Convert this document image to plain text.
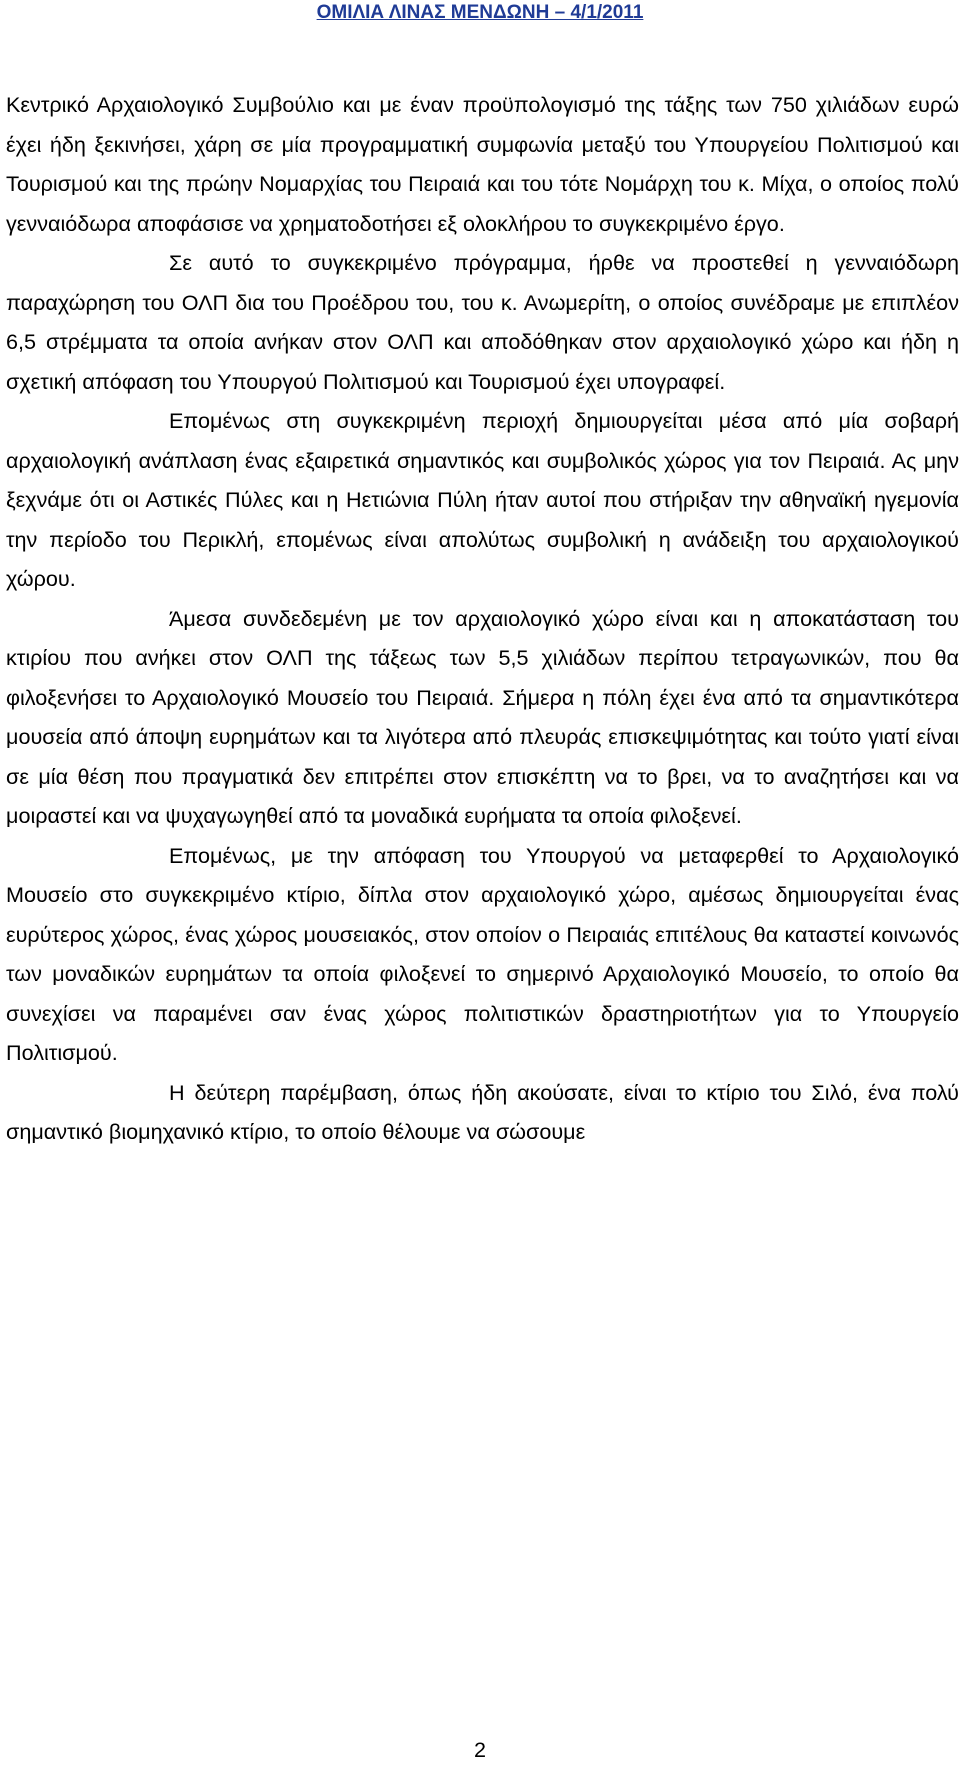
ΟΜΙΛΙΑ ΛΙΝΑΣ ΜΕΝΔΩΝΗ – 4/1/2011

Κεντρικό Αρχαιολογικό Συμβούλιο και με έναν προϋπολογισμό της τάξης των 750 χιλιάδων ευρώ έχει ήδη ξεκινήσει, χάρη σε μία προγραμματική συμφωνία μεταξύ του Υπουργείου Πολιτισμού και Τουρισμού και της πρώην Νομαρχίας του Πειραιά και του τότε Νομάρχη του κ. Μίχα, ο οποίος πολύ γενναιόδωρα αποφάσισε να χρηματοδοτήσει εξ ολοκλήρου το συγκεκριμένο έργο.

Σε αυτό το συγκεκριμένο πρόγραμμα, ήρθε να προστεθεί η γενναιόδωρη παραχώρηση του ΟΛΠ δια του Προέδρου του, του κ. Ανωμερίτη, ο οποίος συνέδραμε με επιπλέον 6,5 στρέμματα τα οποία ανήκαν στον ΟΛΠ και αποδόθηκαν στον αρχαιολογικό χώρο και ήδη η σχετική απόφαση του Υπουργού Πολιτισμού και Τουρισμού έχει υπογραφεί.

Επομένως στη συγκεκριμένη περιοχή δημιουργείται μέσα από μία σοβαρή αρχαιολογική ανάπλαση ένας εξαιρετικά σημαντικός και συμβολικός χώρος για τον Πειραιά. Ας μην ξεχνάμε ότι οι Αστικές Πύλες και η Ηετιώνια Πύλη ήταν αυτοί που στήριξαν την αθηναϊκή ηγεμονία την περίοδο του Περικλή, επομένως είναι απολύτως συμβολική η ανάδειξη του αρχαιολογικού χώρου.

Άμεσα συνδεδεμένη με τον αρχαιολογικό χώρο είναι και η αποκατάσταση του κτιρίου που ανήκει στον ΟΛΠ της τάξεως των 5,5 χιλιάδων περίπου τετραγωνικών, που θα φιλοξενήσει το Αρχαιολογικό Μουσείο του Πειραιά. Σήμερα η πόλη έχει ένα από τα σημαντικότερα μουσεία από άποψη ευρημάτων και τα λιγότερα από πλευράς επισκεψιμότητας και τούτο γιατί είναι σε μία θέση που πραγματικά δεν επιτρέπει στον επισκέπτη να το βρει, να το αναζητήσει και να μοιραστεί και να ψυχαγωγηθεί από τα μοναδικά ευρήματα τα οποία φιλοξενεί.

Επομένως, με την απόφαση του Υπουργού να μεταφερθεί το Αρχαιολογικό Μουσείο στο συγκεκριμένο κτίριο, δίπλα στον αρχαιολογικό χώρο, αμέσως δημιουργείται ένας ευρύτερος χώρος, ένας χώρος μουσειακός, στον οποίον ο Πειραιάς επιτέλους θα καταστεί κοινωνός των μοναδικών ευρημάτων τα οποία φιλοξενεί το σημερινό Αρχαιολογικό Μουσείο, το οποίο θα συνεχίσει να παραμένει σαν ένας χώρος πολιτιστικών δραστηριοτήτων για το Υπουργείο Πολιτισμού.

Η δεύτερη παρέμβαση, όπως ήδη ακούσατε, είναι το κτίριο του Σιλό, ένα πολύ σημαντικό βιομηχανικό κτίριο, το οποίο θέλουμε να σώσουμε

2
